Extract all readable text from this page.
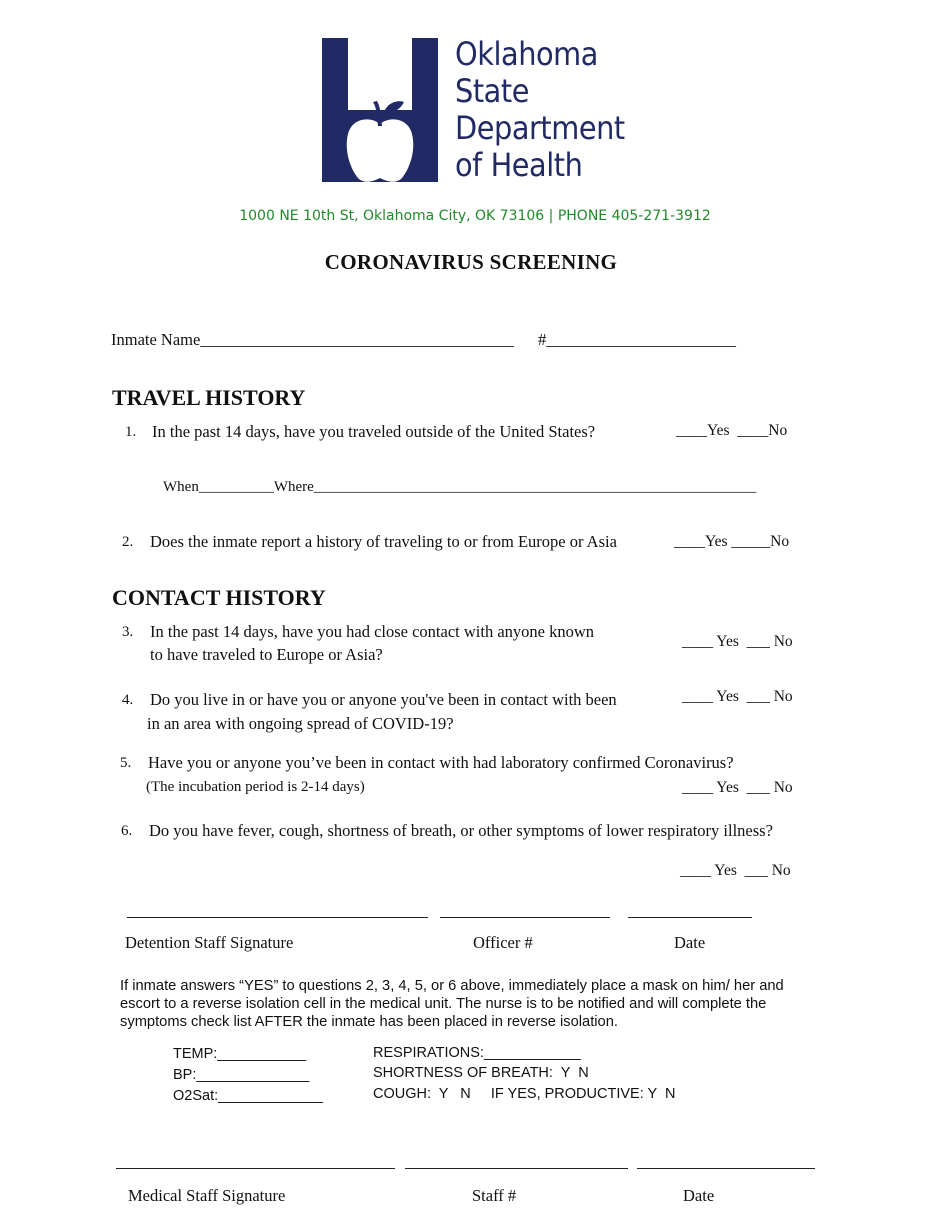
Oklahoma
State
Department
of Health
1000 NE 10th St, Oklahoma City, OK 73106 | PHONE 405-271-3912
CORONAVIRUS SCREENING
Inmate Name______________________________________ #_______________________
TRAVEL HISTORY
1. In the past 14 days, have you traveled outside of the United States?	____Yes  ____No
When__________Where___________________________________________________________
2. Does the inmate report a history of traveling to or from Europe or Asia	____Yes _____No
CONTACT HISTORY
3. In the past 14 days, have you had close contact with anyone known
to have traveled to Europe or Asia?
____ Yes  ___ No
4. Do you live in or have you or anyone you've been in contact with been
in an area with ongoing spread of COVID-19?
____ Yes  ___ No
5. Have you or anyone you’ve been in contact with had laboratory confirmed Coronavirus?
(The incubation period is 2-14 days)	____ Yes  ___ No
6. Do you have fever, cough, shortness of breath, or other symptoms of lower respiratory illness?
____ Yes  ___ No
Detention Staff Signature	Officer #	Date
If inmate answers “YES” to questions 2, 3, 4, 5, or 6 above, immediately place a mask on him/ her and
escort to a reverse isolation cell in the medical unit. The nurse is to be notified and will complete the
symptoms check list AFTER the inmate has been placed in reverse isolation.
TEMP:___________
BP:______________
O2Sat:_____________
RESPIRATIONS:____________
SHORTNESS OF BREATH:  Y  N
COUGH:  Y   N     IF YES, PRODUCTIVE: Y  N
Medical Staff Signature	Staff #	Date
